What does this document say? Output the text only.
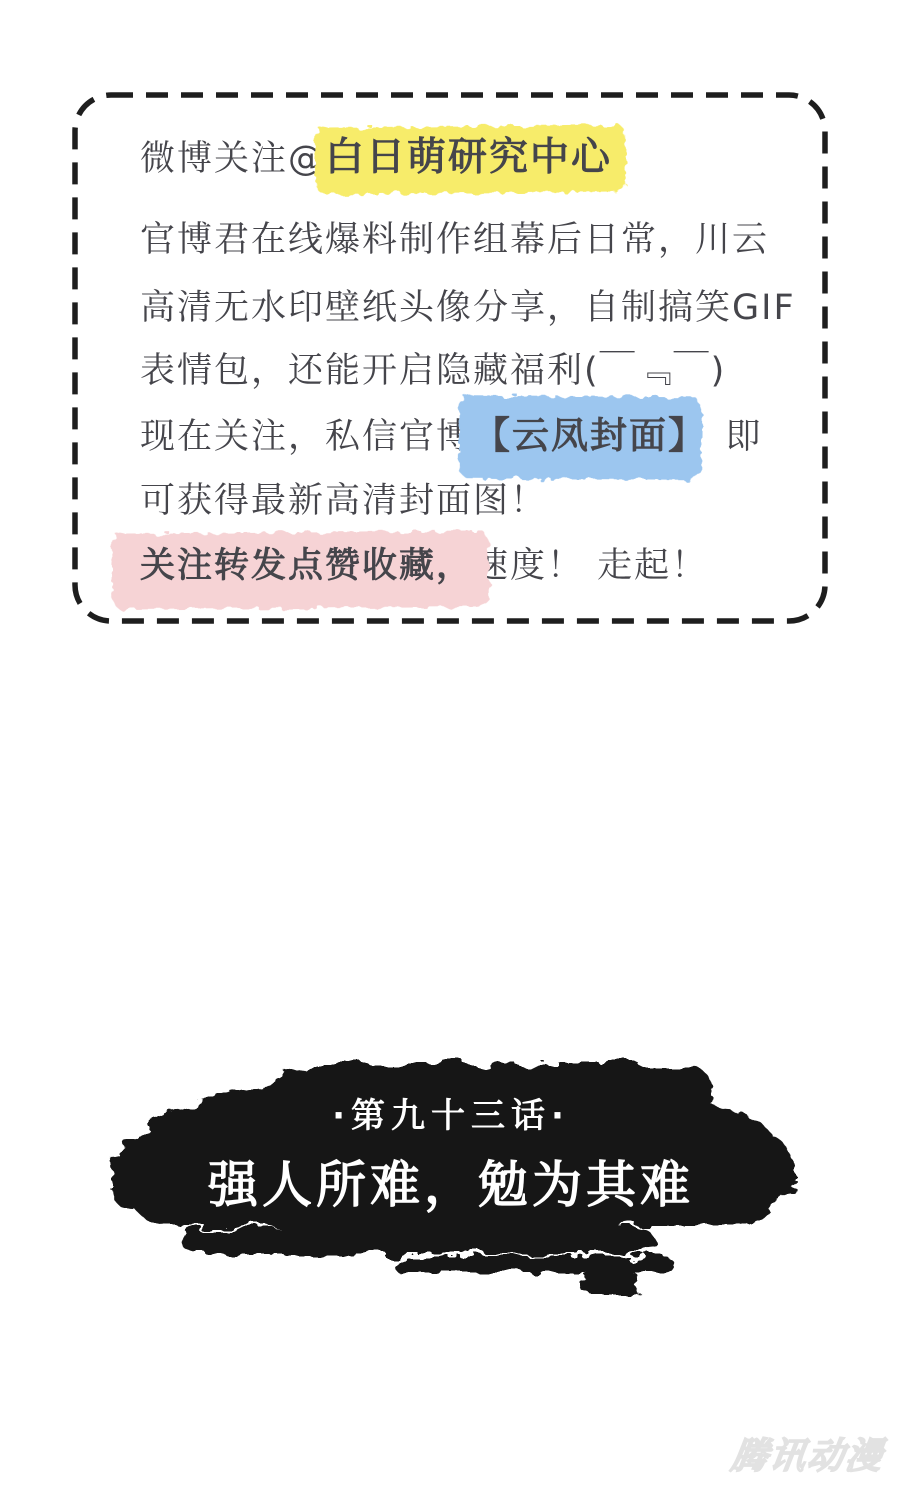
微博关注@白日萌研究中心
官博君在线爆料制作组幕后日常，川云
高清无水印壁纸头像分享，自制搞笑GIF
表情包，还能开启隐藏福利(￣﹃￣)
现在关注，私信官博【云凤封面】，即
可获得最新高清封面图！
关注转发点赞收藏，速度！ 走起！
·第九十三话·
强人所难，勉为其难
腾讯动漫
